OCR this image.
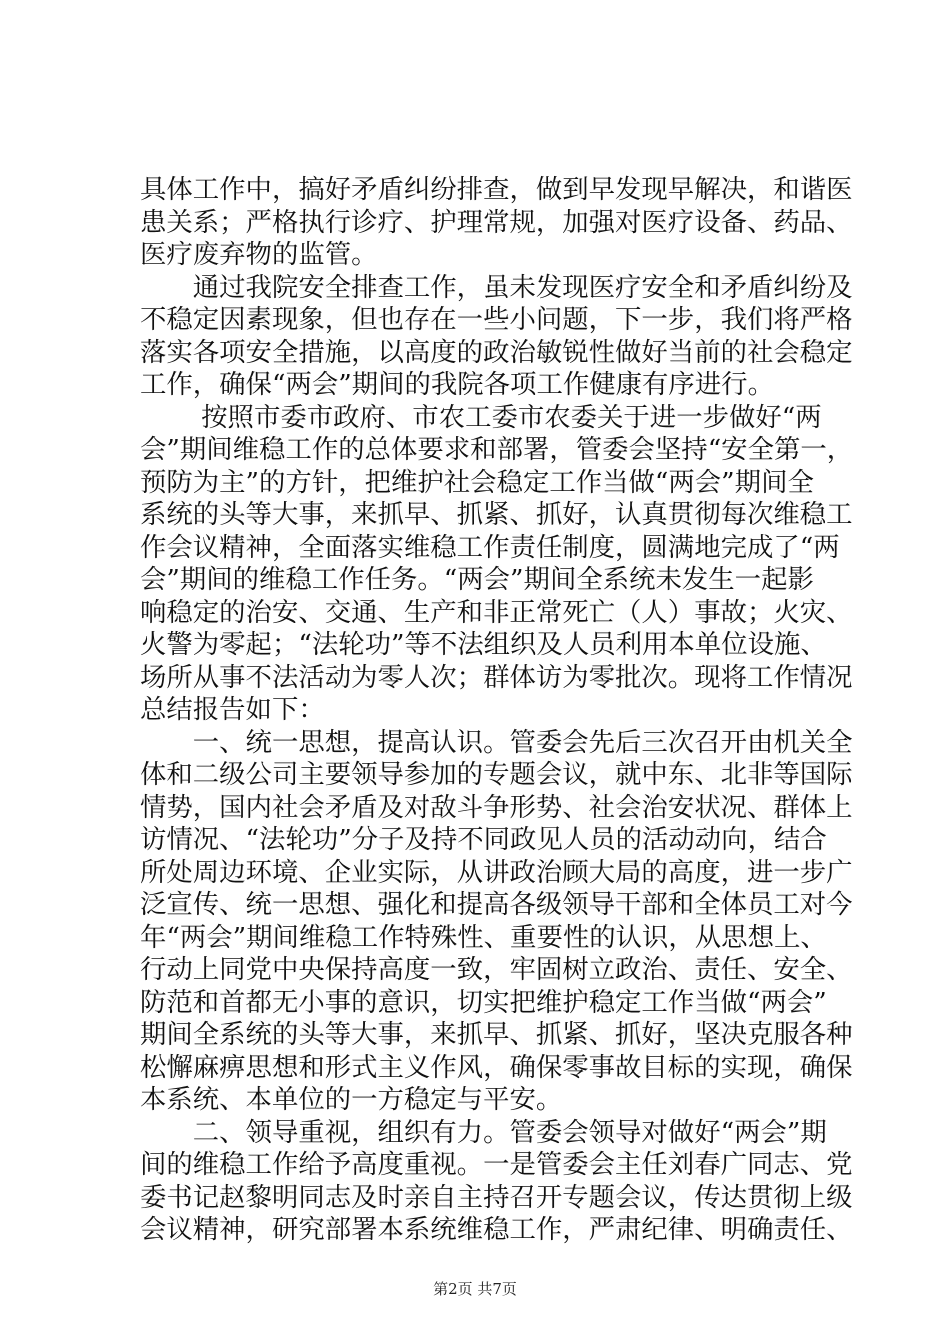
具体工作中，搞好矛盾纠纷排查，做到早发现早解决，和谐医
患关系；严格执行诊疗、护理常规，加强对医疗设备、药品、
医疗废弃物的监管。
　　通过我院安全排查工作，虽未发现医疗安全和矛盾纠纷及
不稳定因素现象，但也存在一些小问题，下一步，我们将严格
落实各项安全措施，以高度的政治敏锐性做好当前的社会稳定
工作，确保“两会”期间的我院各项工作健康有序进行。
　　 按照市委市政府、市农工委市农委关于进一步做好“两
会”期间维稳工作的总体要求和部署，管委会坚持“安全第一，
预防为主”的方针，把维护社会稳定工作当做“两会”期间全
系统的头等大事，来抓早、抓紧、抓好，认真贯彻每次维稳工
作会议精神，全面落实维稳工作责任制度，圆满地完成了“两
会”期间的维稳工作任务。“两会”期间全系统未发生一起影
响稳定的治安、交通、生产和非正常死亡（人）事故；火灾、
火警为零起；“法轮功”等不法组织及人员利用本单位设施、
场所从事不法活动为零人次；群体访为零批次。现将工作情况
总结报告如下：
　　一、统一思想，提高认识。管委会先后三次召开由机关全
体和二级公司主要领导参加的专题会议，就中东、北非等国际
情势，国内社会矛盾及对敌斗争形势、社会治安状况、群体上
访情况、“法轮功”分子及持不同政见人员的活动动向，结合
所处周边环境、企业实际，从讲政治顾大局的高度，进一步广
泛宣传、统一思想、强化和提高各级领导干部和全体员工对今
年“两会”期间维稳工作特殊性、重要性的认识，从思想上、
行动上同党中央保持高度一致，牢固树立政治、责任、安全、
防范和首都无小事的意识，切实把维护稳定工作当做“两会”
期间全系统的头等大事，来抓早、抓紧、抓好，坚决克服各种
松懈麻痹思想和形式主义作风，确保零事故目标的实现，确保
本系统、本单位的一方稳定与平安。
　　二、领导重视，组织有力。管委会领导对做好“两会”期
间的维稳工作给予高度重视。一是管委会主任刘春广同志、党
委书记赵黎明同志及时亲自主持召开专题会议，传达贯彻上级
会议精神，研究部署本系统维稳工作，严肃纪律、明确责任、
第2页 共7页
